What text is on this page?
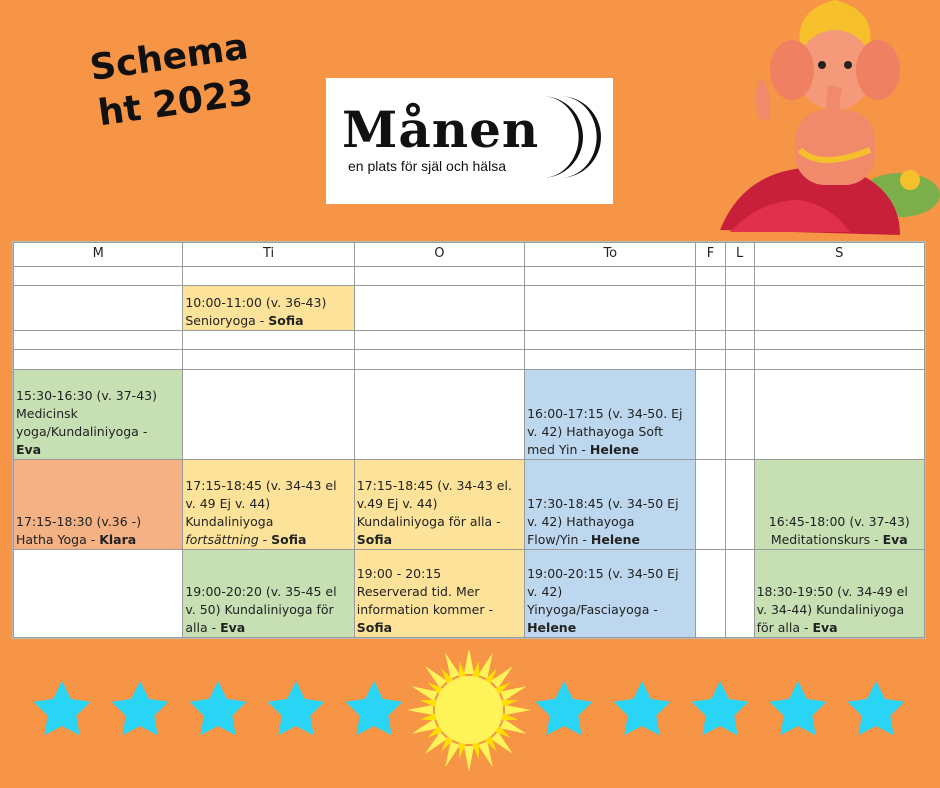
Schema
ht 2023	Månen
en plats för själ och hälsa
M	Ti	O	To	F	L	S

	10:00-11:00 (v. 36-43)
Senioryoga - Sofia					

15:30-16:30 (v. 37-43)
Medicinsk
yoga/Kundaliniyoga -
Eva			16:00-17:15 (v. 34-50. Ej
v. 42) Hathayoga Soft
med Yin - Helene			
17:15-18:30 (v.36 -)
Hatha Yoga - Klara	17:15-18:45 (v. 34-43 el
v. 49 Ej v. 44)
Kundaliniyoga
fortsättning - Sofia	17:15-18:45 (v. 34-43 el.
v.49 Ej v. 44)
Kundaliniyoga för alla -
Sofia	17:30-18:45 (v. 34-50 Ej
v. 42) Hathayoga
Flow/Yin - Helene			16:45-18:00 (v. 37-43)
Meditationskurs - Eva
	19:00-20:20 (v. 35-45 el
v. 50) Kundaliniyoga för
alla - Eva	19:00 - 20:15
Reserverad tid. Mer
information kommer -
Sofia	19:00-20:15 (v. 34-50 Ej
v. 42)
Yinyoga/Fasciayoga -
Helene			18:30-19:50 (v. 34-49 el
v. 34-44) Kundaliniyoga
för alla - Eva
